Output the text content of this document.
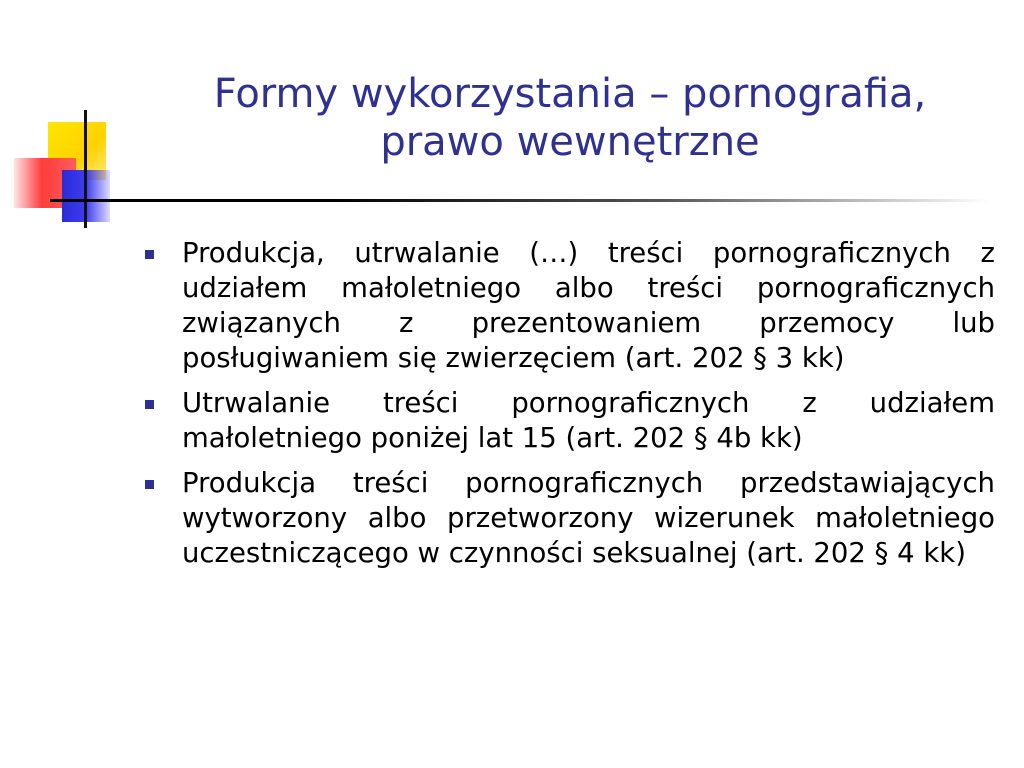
Formy wykorzystania – pornografia,
prawo wewnętrzne
Produkcja, utrwalanie (…) treści pornograficznych z udziałem małoletniego albo treści pornograficznych związanych z prezentowaniem przemocy lub posługiwaniem się zwierzęciem (art. 202 § 3 kk)
Utrwalanie treści pornograficznych z udziałem małoletniego poniżej lat 15 (art. 202 § 4b kk)
Produkcja treści pornograficznych przedstawiających wytworzony albo przetworzony wizerunek małoletniego uczestniczącego w czynności seksualnej (art. 202 § 4 kk)
